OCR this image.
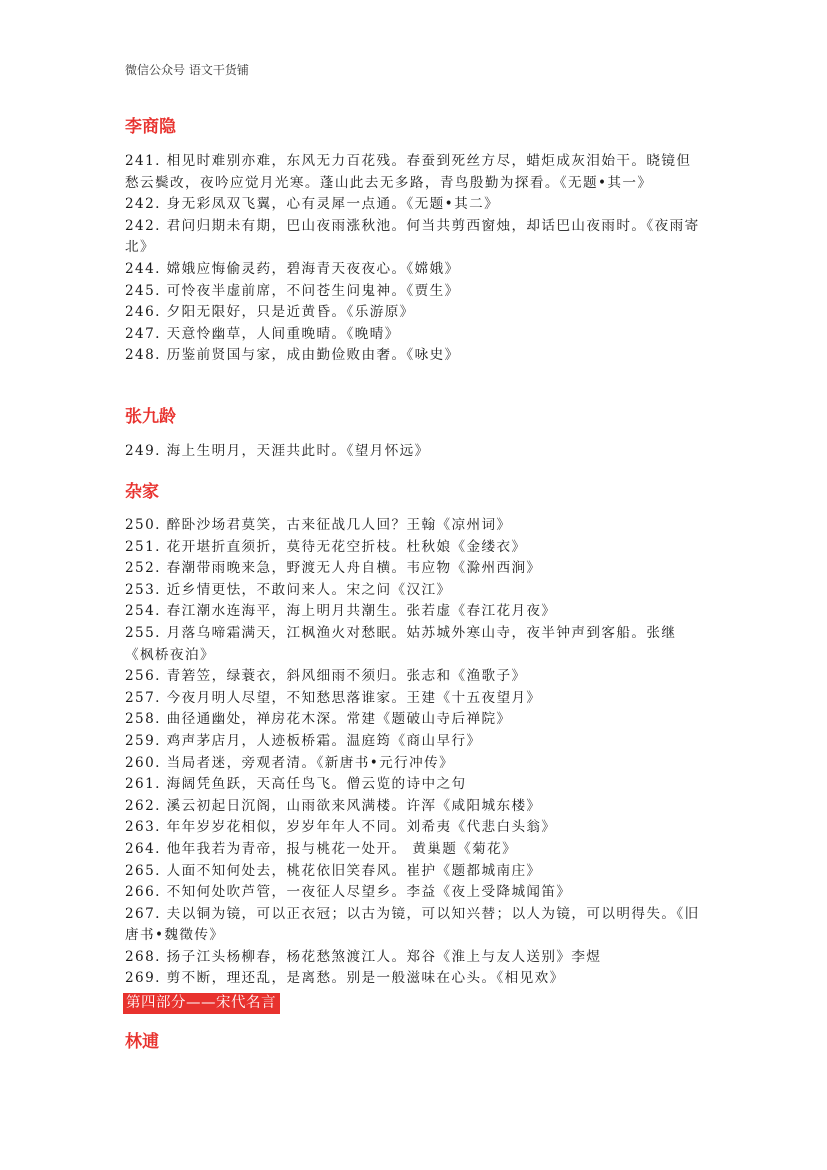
微信公众号 语文干货铺
李商隐

241. 相见时难别亦难，东风无力百花残。春蚕到死丝方尽，蜡炬成灰泪始干。晓镜但愁云鬓改，夜吟应觉月光寒。蓬山此去无多路，青鸟殷勤为探看。《无题•其一》

242. 身无彩凤双飞翼，心有灵犀一点通。《无题•其二》

242. 君问归期未有期，巴山夜雨涨秋池。何当共剪西窗烛，却话巴山夜雨时。《夜雨寄北》

244. 嫦娥应悔偷灵药，碧海青天夜夜心。《嫦娥》

245. 可怜夜半虚前席，不问苍生问鬼神。《贾生》

246. 夕阳无限好，只是近黄昏。《乐游原》

247. 天意怜幽草，人间重晚晴。《晚晴》

248. 历鉴前贤国与家，成由勤俭败由奢。《咏史》

张九龄

249. 海上生明月，天涯共此时。《望月怀远》

杂家

250. 醉卧沙场君莫笑，古来征战几人回？王翰《凉州词》

251. 花开堪折直须折，莫待无花空折枝。杜秋娘《金缕衣》

252. 春潮带雨晚来急，野渡无人舟自横。韦应物《滁州西涧》

253. 近乡情更怯，不敢问来人。宋之问《汉江》

254. 春江潮水连海平，海上明月共潮生。张若虚《春江花月夜》

255. 月落乌啼霜满天，江枫渔火对愁眠。姑苏城外寒山寺，夜半钟声到客船。张继《枫桥夜泊》

256. 青箬笠，绿蓑衣，斜风细雨不须归。张志和《渔歌子》

257. 今夜月明人尽望，不知愁思落谁家。王建《十五夜望月》

258. 曲径通幽处，禅房花木深。常建《题破山寺后禅院》

259. 鸡声茅店月，人迹板桥霜。温庭筠《商山早行》

260. 当局者迷，旁观者清。《新唐书•元行冲传》

261. 海阔凭鱼跃，天高任鸟飞。僧云览的诗中之句

262. 溪云初起日沉阁，山雨欲来风满楼。许浑《咸阳城东楼》

263. 年年岁岁花相似，岁岁年年人不同。刘希夷《代悲白头翁》

264. 他年我若为青帝，报与桃花一处开。 黄巢题《菊花》

265. 人面不知何处去，桃花依旧笑春风。崔护《题都城南庄》

266. 不知何处吹芦管，一夜征人尽望乡。李益《夜上受降城闻笛》

267. 夫以铜为镜，可以正衣冠；以古为镜，可以知兴替；以人为镜，可以明得失。《旧唐书•魏徵传》

268. 扬子江头杨柳春，杨花愁煞渡江人。郑谷《淮上与友人送别》李煜

269. 剪不断，理还乱，是离愁。别是一般滋味在心头。《相见欢》

第四部分——宋代名言
林逋
